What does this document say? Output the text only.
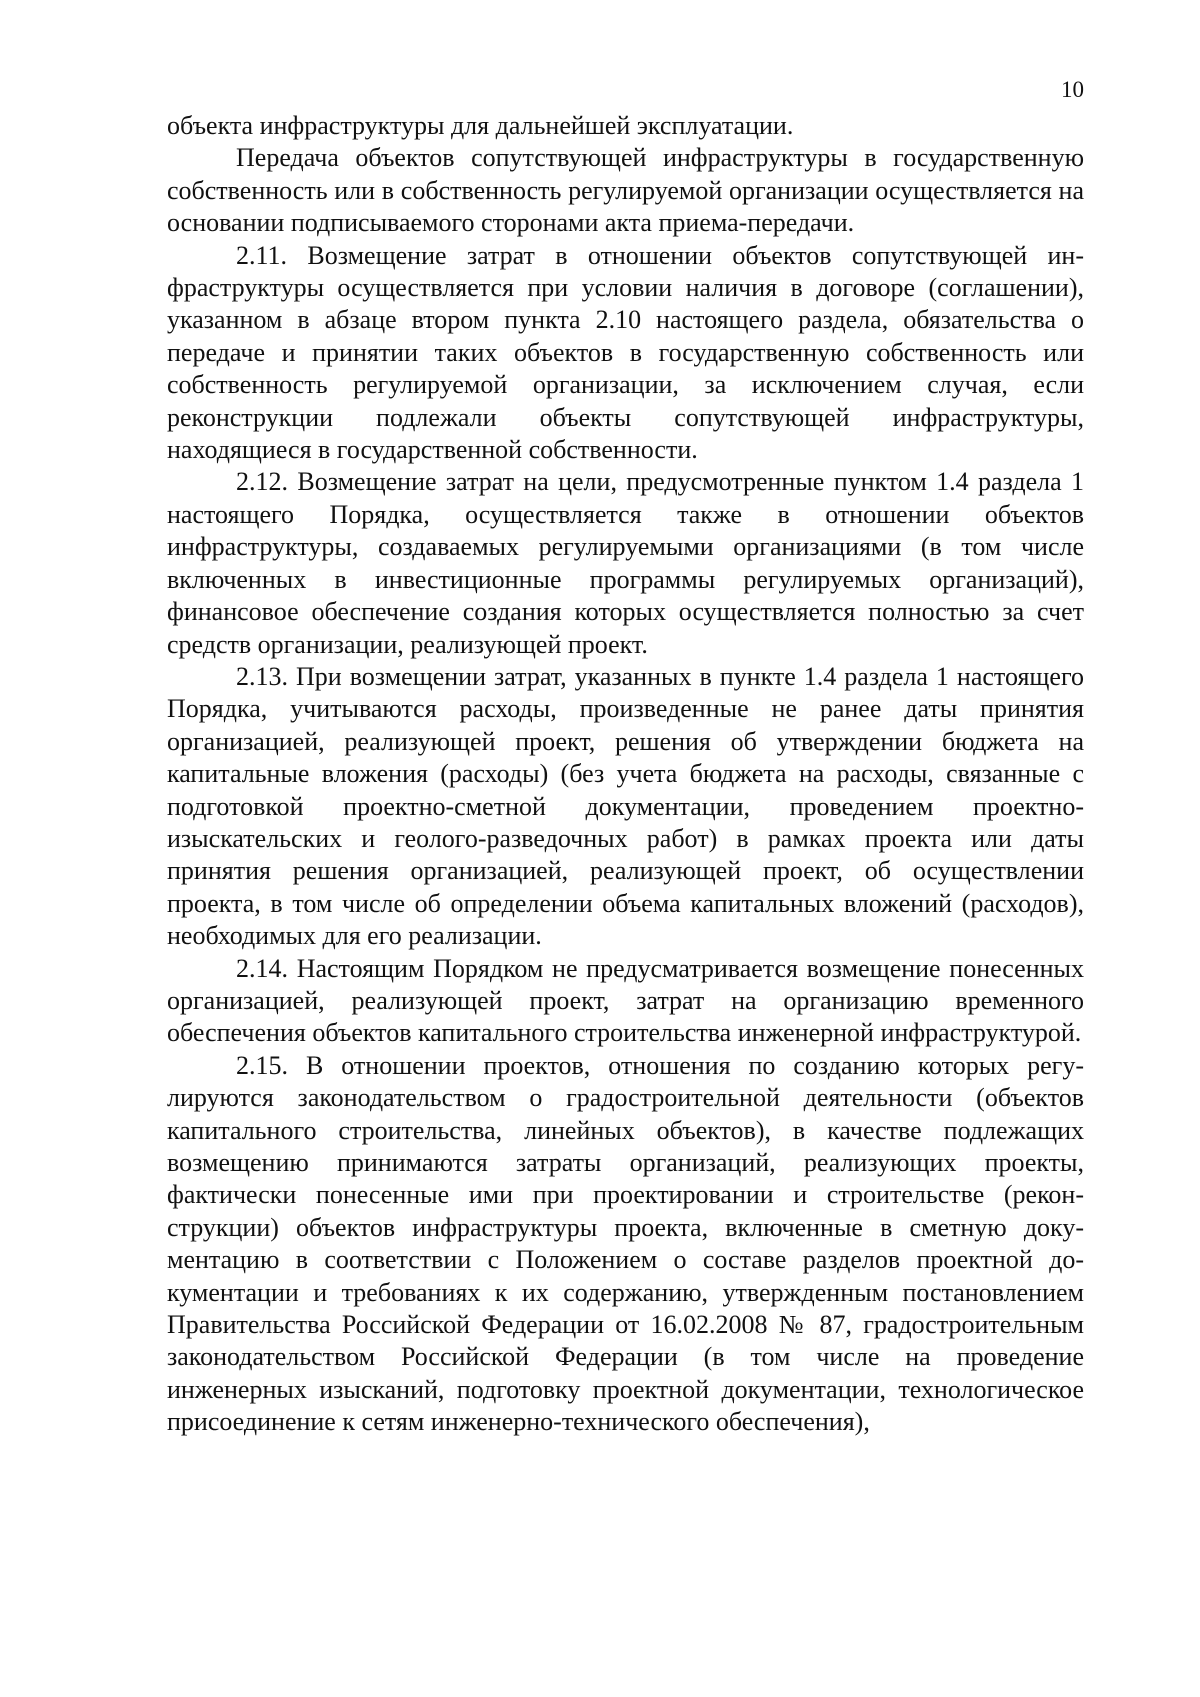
10

объекта инфраструктуры для дальнейшей эксплуатации.

Передача объектов сопутствующей инфраструктуры в государственную собственность или в собственность регулируемой организации осуществляется на основании подписываемого сторонами акта приема-передачи.

2.11. Возмещение затрат в отношении объектов сопутствующей инфраструктуры осуществляется при условии наличия в договоре (соглашении), указанном в абзаце втором пункта 2.10 настоящего раздела, обязательства о передаче и принятии таких объектов в государственную собственность или собственность регулируемой организации, за исключением случая, если реконструкции подлежали объекты сопутствующей инфраструктуры, находящиеся в государственной собственности.

2.12. Возмещение затрат на цели, предусмотренные пунктом 1.4 раздела 1 настоящего Порядка, осуществляется также в отношении объектов инфраструктуры, создаваемых регулируемыми организациями (в том числе включенных в инвестиционные программы регулируемых организаций), финансовое обеспечение создания которых осуществляется полностью за счет средств организации, реализующей проект.

2.13. При возмещении затрат, указанных в пункте 1.4 раздела 1 настоящего Порядка, учитываются расходы, произведенные не ранее даты принятия организацией, реализующей проект, решения об утверждении бюджета на капитальные вложения (расходы) (без учета бюджета на расходы, связанные с подготовкой проектно-сметной документации, проведением проектно-изыскательских и геолого-разведочных работ) в рамках проекта или даты принятия решения организацией, реализующей проект, об осуществлении проекта, в том числе об определении объема капитальных вложений (расходов), необходимых для его реализации.

2.14. Настоящим Порядком не предусматривается возмещение понесенных организацией, реализующей проект, затрат на организацию временного обеспечения объектов капитального строительства инженерной инфраструктурой.

2.15. В отношении проектов, отношения по созданию которых регулируются законодательством о градостроительной деятельности (объектов капитального строительства, линейных объектов), в качестве подлежащих возмещению принимаются затраты организаций, реализующих проекты, фактически понесенные ими при проектировании и строительстве (реконструкции) объектов инфраструктуры проекта, включенные в сметную документацию в соответствии с Положением о составе разделов проектной документации и требованиях к их содержанию, утвержденным постановлением Правительства Российской Федерации от 16.02.2008 № 87, градостроительным законодательством Российской Федерации (в том числе на проведение инженерных изысканий, подготовку проектной документации, технологическое присоединение к сетям инженерно-технического обеспечения),
